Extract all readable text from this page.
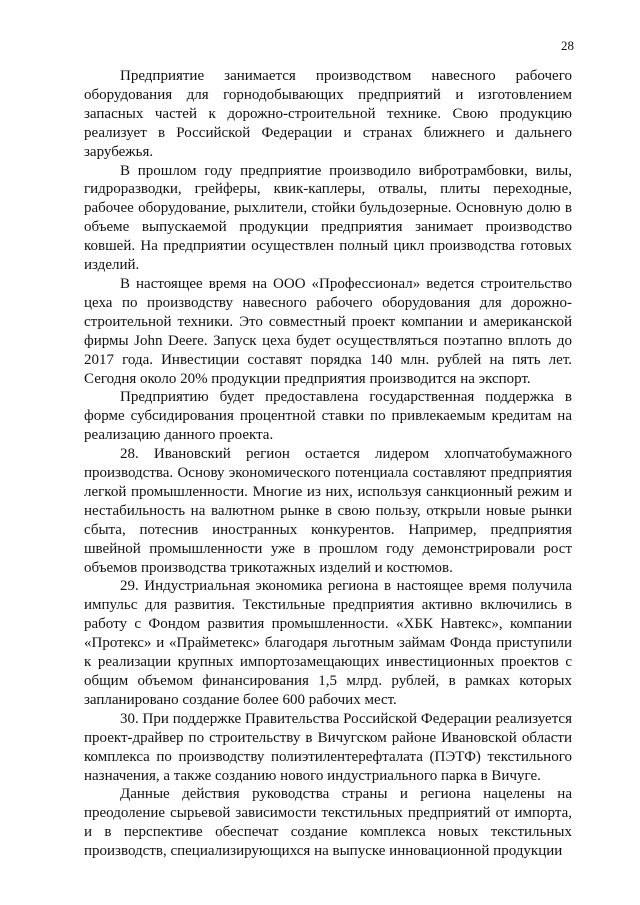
28

Предприятие занимается производством навесного рабочего оборудования для горнодобывающих предприятий и изготовлением запасных частей к дорожно-строительной технике. Свою продукцию реализует в Российской Федерации и странах ближнего и дальнего зарубежья.

В прошлом году предприятие производило вибротрамбовки, вилы, гидроразводки, грейферы, квик-каплеры, отвалы, плиты переходные, рабочее оборудование, рыхлители, стойки бульдозерные. Основную долю в объеме выпускаемой продукции предприятия занимает производство ковшей. На предприятии осуществлен полный цикл производства готовых изделий.

В настоящее время на ООО «Профессионал» ведется строительство цеха по производству навесного рабочего оборудования для дорожно-строительной техники. Это совместный проект компании и американской фирмы John Deere. Запуск цеха будет осуществляться поэтапно вплоть до 2017 года. Инвестиции составят порядка 140 млн. рублей на пять лет. Сегодня около 20% продукции предприятия производится на экспорт.

Предприятию будет предоставлена государственная поддержка в форме субсидирования процентной ставки по привлекаемым кредитам на реализацию данного проекта.

28. Ивановский регион остается лидером хлопчатобумажного производства. Основу экономического потенциала составляют предприятия легкой промышленности. Многие из них, используя санкционный режим и нестабильность на валютном рынке в свою пользу, открыли новые рынки сбыта, потеснив иностранных конкурентов. Например, предприятия швейной промышленности уже в прошлом году демонстрировали рост объемов производства трикотажных изделий и костюмов.

29. Индустриальная экономика региона в настоящее время получила импульс для развития. Текстильные предприятия активно включились в работу с Фондом развития промышленности. «ХБК Навтекс», компании «Протекс» и «Прайметекс» благодаря льготным займам Фонда приступили к реализации крупных импортозамещающих инвестиционных проектов с общим объемом финансирования 1,5 млрд. рублей, в рамках которых запланировано создание более 600 рабочих мест.

30. При поддержке Правительства Российской Федерации реализуется проект-драйвер по строительству в Вичугском районе Ивановской области комплекса по производству полиэтилентерефталата (ПЭТФ) текстильного назначения, а также созданию нового индустриального парка в Вичуге.

Данные действия руководства страны и региона нацелены на преодоление сырьевой зависимости текстильных предприятий от импорта, и в перспективе обеспечат создание комплекса новых текстильных производств, специализирующихся на выпуске инновационной продукции
